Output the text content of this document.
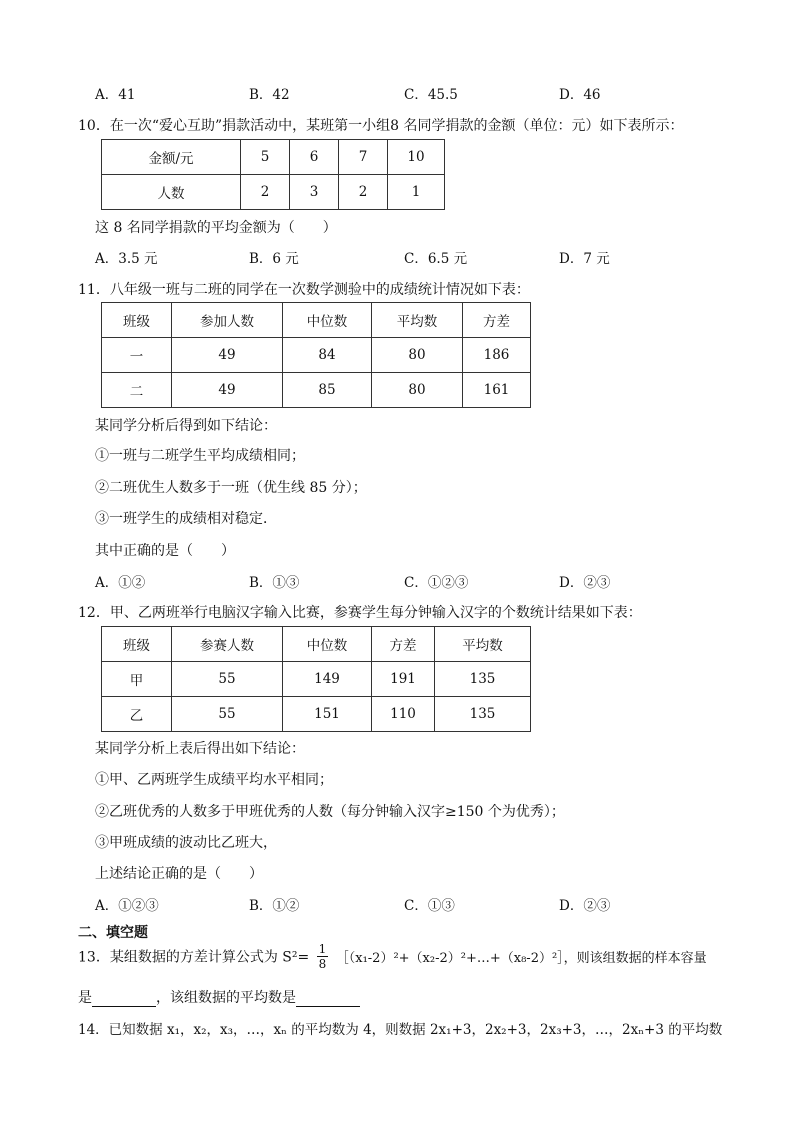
A．41	B．42	C．45.5	D．46
10．在一次“爱心互助”捐款活动中，某班第一小组8 名同学捐款的金额（单位：元）如下表所示：
金额/元	5	6	7	10
人数	2	3	2	1
这 8 名同学捐款的平均金额为（　　）
A．3.5 元	B．6 元	C．6.5 元	D．7 元
11．八年级一班与二班的同学在一次数学测验中的成绩统计情况如下表：
班级	参加人数	中位数	平均数	方差
一	49	84	80	186
二	49	85	80	161
某同学分析后得到如下结论：
①一班与二班学生平均成绩相同；
②二班优生人数多于一班（优生线 85 分）；
③一班学生的成绩相对稳定．
其中正确的是（　　）
A．①②	B．①③	C．①②③	D．②③
12．甲、乙两班举行电脑汉字输入比赛，参赛学生每分钟输入汉字的个数统计结果如下表：
班级	参赛人数	中位数	方差	平均数
甲	55	149	191	135
乙	55	151	110	135
某同学分析上表后得出如下结论：
①甲、乙两班学生成绩平均水平相同；
②乙班优秀的人数多于甲班优秀的人数（每分钟输入汉字≥150 个为优秀）；
③甲班成绩的波动比乙班大，
上述结论正确的是（　　）
A．①②③	B．①②	C．①③	D．②③
二、填空题
13．某组数据的方差计算公式为 $S^2= \frac{1}{8}$ ［（x₁-2）²+（x₂-2）²+…+（x₈-2）²］，则该组数据的样本容量
是	，该组数据的平均数是
14．已知数据 x₁，x₂，x₃，…，xₙ 的平均数为 4，则数据 2x₁+3，2x₂+3，2x₃+3，…，2xₙ+3 的平均数
